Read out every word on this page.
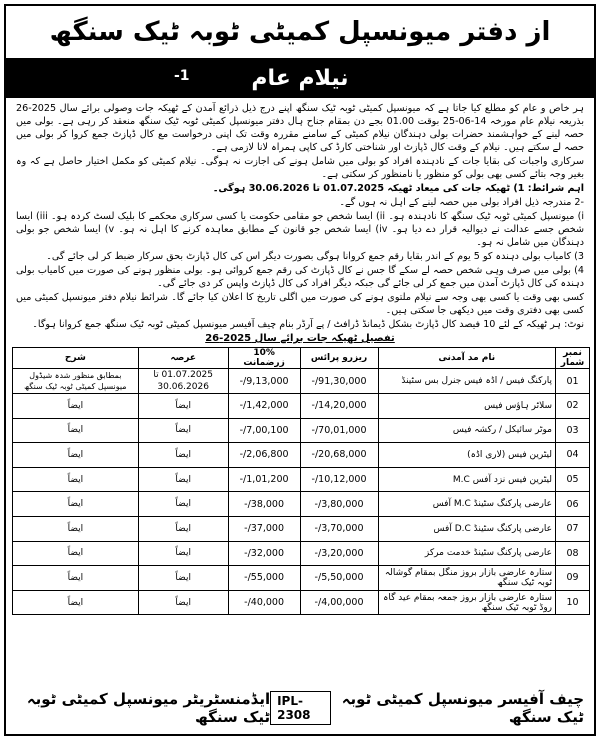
از دفتر میونسپل کمیٹی ٹوبہ ٹیک سنگھ
نیلام عام
-1

ہر خاص و عام کو مطلع کیا جاتا ہے کہ میونسپل کمیٹی ٹوبہ ٹیک سنگھ اپنے درج ذیل ذرائع آمدن کے ٹھیکہ جات وصولی برائے سال 2025-26 بذریعہ نیلام عام مورخہ 14-06-25 بوقت 01.00 بجے دن بمقام جناح ہال دفتر میونسپل کمیٹی ٹوبہ ٹیک سنگھ منعقد کر رہی ہے۔ بولی میں حصہ لینے کے خواہشمند حضرات بولی دہندگان نیلام کمیٹی کے سامنے مقررہ وقت تک اپنی درخواست مع کال ڈپازٹ جمع کروا کر بولی میں حصہ لے سکتے ہیں۔ نیلام کے وقت کال ڈپازٹ اور شناختی کارڈ کی کاپی ہمراہ لانا لازمی ہے۔

سرکاری واجبات کی بقایا جات کے نادہندہ افراد کو بولی میں شامل ہونے کی اجازت نہ ہوگی۔ نیلام کمیٹی کو مکمل اختیار حاصل ہے کہ وہ بغیر وجہ بتائے کسی بھی بولی کو منظور یا نامنظور کر سکتی ہے۔

اہم شرائط: 1) ٹھیکہ جات کی میعاد ٹھیکہ 01.07.2025 تا 30.06.2026 ہوگی۔

-2 مندرجہ ذیل افراد بولی میں حصہ لینے کے اہل نہ ہوں گے۔

i) میونسپل کمیٹی ٹوبہ ٹیک سنگھ کا نادہندہ ہو۔ ii) ایسا شخص جو مقامی حکومت یا کسی سرکاری محکمے کا بلیک لسٹ کردہ ہو۔ iii) ایسا شخص جسے عدالت نے دیوالیہ قرار دے دیا ہو۔ iv) ایسا شخص جو قانون کے مطابق معاہدہ کرنے کا اہل نہ ہو۔ v) ایسا شخص جو بولی دہندگان میں شامل نہ ہو۔

3) کامیاب بولی دہندہ کو 5 یوم کے اندر بقایا رقم جمع کروانا ہوگی بصورت دیگر اس کی کال ڈپازٹ بحق سرکار ضبط کر لی جائے گی۔

4) بولی میں صرف وہی شخص حصہ لے سکے گا جس نے کال ڈپازٹ کی رقم جمع کروائی ہو۔ بولی منظور ہونے کی صورت میں کامیاب بولی دہندہ کی کال ڈپازٹ آمدن میں جمع کر لی جائے گی جبکہ دیگر افراد کی کال ڈپازٹ واپس کر دی جائے گی۔

کسی بھی وقت یا کسی بھی وجہ سے نیلام ملتوی ہونے کی صورت میں اگلی تاریخ کا اعلان کیا جائے گا۔ شرائط نیلام دفتر میونسپل کمیٹی میں کسی بھی دفتری وقت میں دیکھی جا سکتی ہیں۔

نوٹ: ہر ٹھیکہ کے لئے 10 فیصد کال ڈپازٹ بشکل ڈیمانڈ ڈرافٹ / پے آرڈر بنام چیف آفیسر میونسپل کمیٹی ٹوبہ ٹیک سنگھ جمع کروانا ہوگا۔

تفصیل ٹھیکہ جات برائے سال 2025-26
نمبر شمار	نام مد آمدنی	ریزرو پرائس	10% زرضمانت	عرصہ	شرح
01	پارکنگ فیس / اڈہ فیس جنرل بس سٹینڈ	91,30,000/-	9,13,000/-	01.07.2025 تا
30.06.2026	بمطابق منظور شدہ شیڈول میونسپل کمیٹی ٹوبہ ٹیک سنگھ
02	سلاٹر ہاؤس فیس	14,20,000/-	1,42,000/-	ایضاً	ایضاً
03	موٹر سائیکل / رکشہ فیس	70,01,000/-	7,00,100/-	ایضاً	ایضاً
04	لیٹرین فیس (لاری اڈہ)	20,68,000/-	2,06,800/-	ایضاً	ایضاً
05	لیٹرین فیس نزد آفس M.C	10,12,000/-	1,01,200/-	ایضاً	ایضاً
06	عارضی پارکنگ سٹینڈ M.C آفس	3,80,000/-	38,000/-	ایضاً	ایضاً
07	عارضی پارکنگ سٹینڈ D.C آفس	3,70,000/-	37,000/-	ایضاً	ایضاً
08	عارضی پارکنگ سٹینڈ خدمت مرکز	3,20,000/-	32,000/-	ایضاً	ایضاً
09	ستارہ عارضی بازار بروز منگل بمقام گوشالہ ٹوبہ ٹیک سنگھ	5,50,000/-	55,000/-	ایضاً	ایضاً
10	ستارہ عارضی بازار بروز جمعہ بمقام عید گاہ روڈ ٹوبہ ٹیک سنگھ	4,00,000/-	40,000/-	ایضاً	ایضاً
ایڈمنسٹریٹر میونسپل کمیٹی ٹوبہ ٹیک سنگھ
IPL-2308
چیف آفیسر میونسپل کمیٹی ٹوبہ ٹیک سنگھ
